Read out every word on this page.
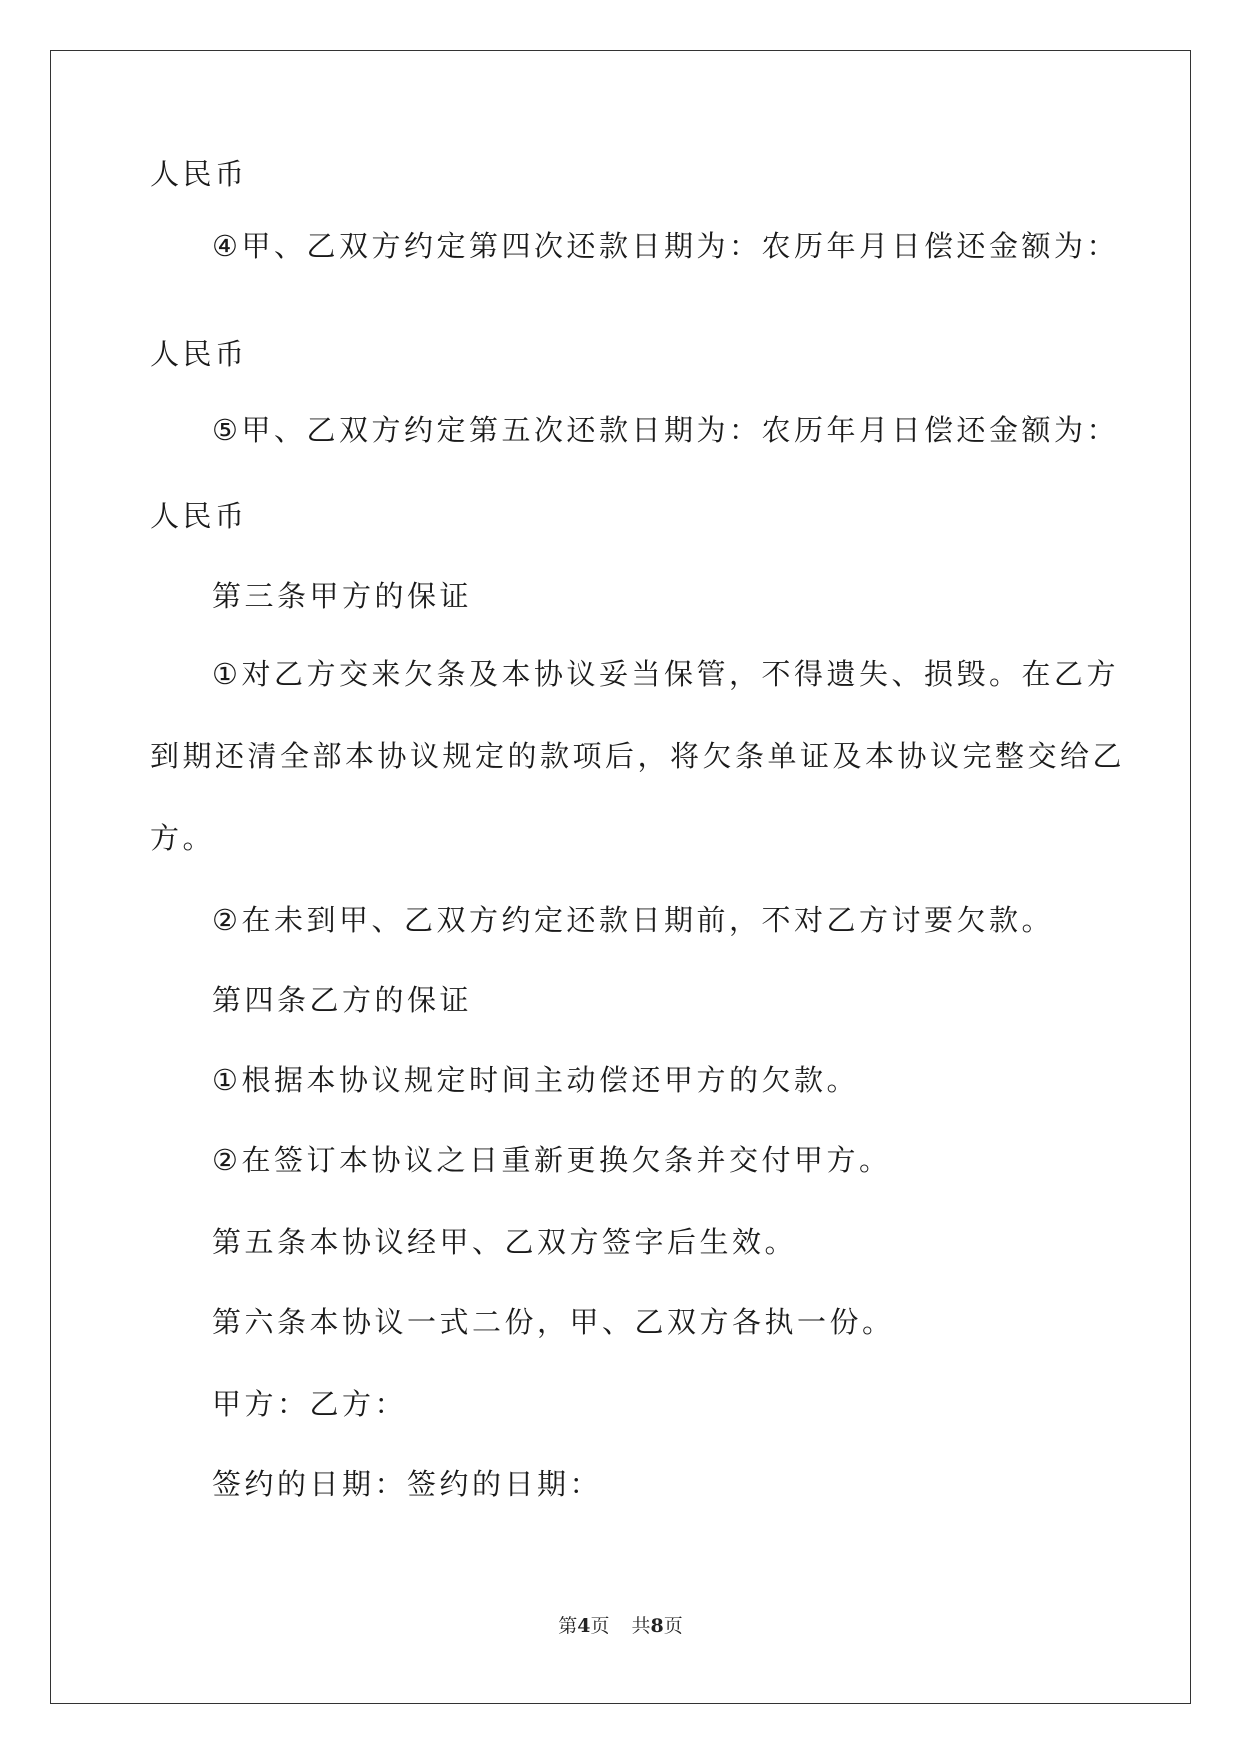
人民币
④甲、乙双方约定第四次还款日期为：农历年月日偿还金额为：
人民币
⑤甲、乙双方约定第五次还款日期为：农历年月日偿还金额为：
人民币
第三条甲方的保证
①对乙方交来欠条及本协议妥当保管，不得遗失、损毁。在乙方
到期还清全部本协议规定的款项后，将欠条单证及本协议完整交给乙
方。
②在未到甲、乙双方约定还款日期前，不对乙方讨要欠款。
第四条乙方的保证
①根据本协议规定时间主动偿还甲方的欠款。
②在签订本协议之日重新更换欠条并交付甲方。
第五条本协议经甲、乙双方签字后生效。
第六条本协议一式二份，甲、乙双方各执一份。
甲方：乙方：
签约的日期：签约的日期：
第4页 共8页
